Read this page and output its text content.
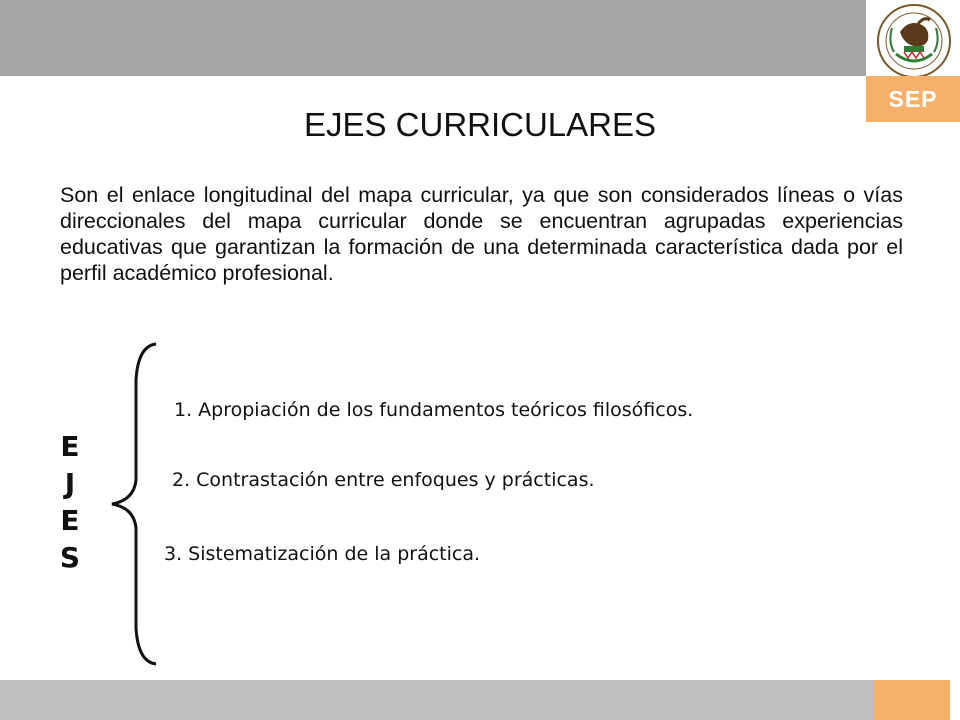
SEP
EJES CURRICULARES

Son el enlace longitudinal del mapa curricular, ya que son considerados líneas o vías direccionales del mapa curricular donde se encuentran agrupadas experiencias educativas que garantizan la formación de una determinada característica dada por el perfil académico profesional.

E
J
E
S
1. Apropiación de los fundamentos teóricos filosóficos.
2. Contrastación entre enfoques y prácticas.
3. Sistematización de la práctica.
